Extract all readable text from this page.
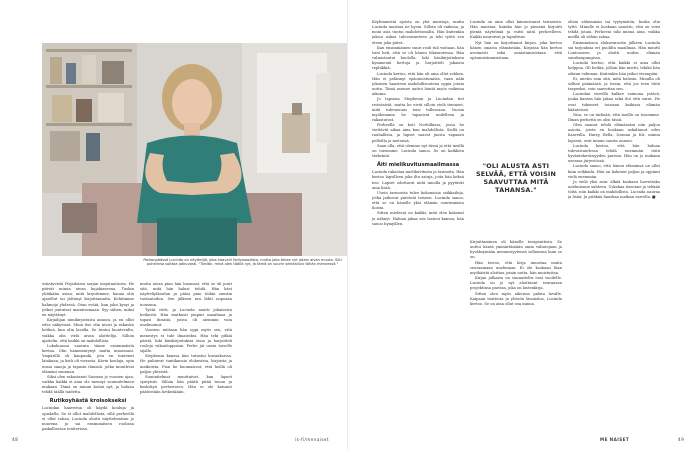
Parkanpäässä Lucinda on näyttelijä, joka haaveili Hollywoodista, mutta joka tekee nyt jotain aivan muuta. Silti puhelinsa soittaa jatkuvasti. "Tiedän, minä olen täällä nyt, ja tämä on suurin seikkailuni tähän mennessä."

esiintyvistä Pirjadoista sarjan inspiraatiosta. He pitivät minua aivan kujakiaseena. Tuskin yhtäkään asiaa, mitä kirjoitimme, kauaa olin ajatellut tai jättänyt kirjoittamatta. Kehitimme hahmoja yhdessä. Otan eväät, kun joku kysyi ja jotkut joutuivat mainitsemaan. Syy siihen, miksi en näyttänyt.

Kirjailijan nimikirjoitusta annoin, ja en ollut edes näkyvissä. Minä itse olin nuori ja rakastin hetkeä, kun olin lavalla. Se tuntui luontevalta, vaikka olin vielä aivan aloittelija. Silloin ajattelin, että kaikki on mahdollista.

Lokakuussa saavuin tänne ensimmäistä kertaa. Olin hämmentynyt mutta innoissani. Ympärillä oli kaupunki, jota en tuntenut lainkaan, ja kieli oli vierasta. Kävin kouluja, opin uusia sanoja ja tapasin ihmisiä, jotka muuttivat elämäni suunnan.

Siksi olen rakastanut Suomea jo vuosien ajan, vaikka kaikki ei aina ole mennyt suunnitelmien mukaan. Tämä on minun kotini nyt, ja haluan tehdä täällä taidetta.

Rutikoyhästä kroisokseksi

Lucindan haaveena oli käydä kouluja ja opiskella. Se ei ollut mahdollista, sillä perheellä ei ollut rahaa. Lucinda aloitti näyttelemisen jo nuorena ja sai ensimmäisen roolinsa paikallisessa teatterissa.

mutta aivan pian hän huomasi, että se oli juuri sitä, mitä hän halusi tehdä. Hän kävi näyttelijäkoulun ja pääsi pian töihin suuriin tuotantoihin. Sen jälkeen ura lähti nopeaan nousuun.

Työtä riitti, ja Lucinda nautti jokaisesta hetkestä. Hän matkusti ympäri maailmaa ja tapasi ihmisiä, joista oli aiemmin vain unelmoinut.

Vuosien mittaan hän oppi myös sen, että menestys ei tule ilmaiseksi. Hän teki pitkiä päiviä, luki käsikirjoituksia öisin ja harjoitteli rooleja viikonloppuisin. Perhe jäi usein toiselle sijalle.

Stephenin kanssa hän tutustui kuvauksissa. He puhuivat tuntikausia elokuvista, kirjoista ja matkoista. Pian he huomasivat, että heillä oli paljon yhteistä.

Suunnitelmat muuttuivat, kun lapset syntyivät. Silloin hän päätti pitää tauon ja keskittyä perheeseen. Hän ei ole katunut päätöstään hetkeäkään.

48	is-fi/menaiset

Köyhimmistä ajoista on yhä muistoja, mutta Lucinda muistaa ne hyvin. Silloin oli vaikeaa, ja moni asia tuntui mahdottomalta. Hän kuitenkin jaksoi uskoa tulevaisuuteen ja teki työtä sen eteen joka päivä.

Kun ensimmäinen suuri rooli tuli vastaan, hän tiesi heti, että se oli hänen tilaisuutensa. Hän valmistautui huolella, luki käsikirjoituksen kymmeniä kertoja ja harjoitteli jokaista repliikkiä.

Lucinda kertoo, että hän oli aina ollut rohkea. Hän ei pelännyt epäonnistumista, vaan näki jokaisen haasteen mahdollisuutena oppia jotain uutta. Tämä asenne auttoi häntä myös vaikeina aikoina.

Jo lapsena Stephenin ja Lucindan tiet risteäsivät, mutta he eivät silloin vielä tienneet, mitä tulevaisuus toisi tullessaan. Vuosia myöhemmin he tapasivat uudelleen ja rakastuivat.

Perheellä on koti Norfolkissa, jossa he viettävät aikaa aina kun mahdollista. Siellä on rauhallista, ja lapset saavat juosta vapaasti pelloilla ja metsissä.

Saan olla, että olemme nyt tässä ja että meillä on toisemme, Lucinda sanoo. Se on kaikkein tärkeintä.

Äiti mielikuvitusmaailmassa

Lucinda rakastaa mielikuvitusta ja tarinoita. Hän kertoo lapsilleen joka ilta satuja, joita hän keksii itse. Lapset odottavat niitä innolla ja pyytävät aina lisää.

Usein tarinoista tulee kokonaisia seikkailuja, jotka jatkuvat päivästä toiseen. Lucinda sanoo, että se on hänelle yksi elämän suurimmista iloista.

Sitten mielessä on kaikki, mitä olen kokenut ja nähnyt. Haluan jakaa sen lasteni kanssa, hän sanoo hymyillen.

Lucinda on aina ollut kiinnostunut tarinoista. Hän muistaa, kuinka hän jo pienenä kirjoitti pieniä näytelmiä ja esitti niitä perheelleen. Kaikki nauroivat ja taputtivat.

Nyt hän on kirjoittanut kirjan, joka kertoo hänen omasta elämästään. Kirjassa hän kertoo avoimesti sekä onnistumisistaan että epäonnistumisistaan.

"OLI ALUSTA ASTI SELVÄÄ, ETTÄ VOISIN SAAVUTTAA MITÄ TAHANSA."

Kirjoittaminen oli hänelle terapeuttista. Se auttoi häntä ymmärtämään omia valintojaan ja hyväksymään menneisyytensä sellaisena kuin se on.

Hän toivoo, että kirja innostaa muita seuraamaan unelmiaan. Ei ole koskaan liian myöhäistä aloittaa jotain uutta, hän muistuttaa.

Kirjan julkaisu on suunniteltu ensi vuodelle. Lucinda on jo nyt aloittanut seuraavan projektinsa parissa, joka on lastenkirja.

Sitten olen myös aikeissa palata lavalle. Kaipaan teatteria ja yleisön läsnäoloa, Lucinda kertoo. Se on aina ollut osa minua.

olisin vähemmän tai tyytymätön, koska olin tyttö. Minulle ei koskaan sanottu, että en voisi tehdä jotain. Perheeni tuki minua aina, vaikka meillä oli vähän rahaa.

Ensimmäisen elokuvaroolin jälkeen Lucinda sai tarjouksia eri puolilta maailmaa. Hän muutti Lontooseen ja aloitti uuden elämän suurkaupungissa.

Lucinda kertoo, että kaikki ei aina ollut helppoa. Oli hetkiä, jolloin hän mietti, tekikö hän oikean valinnan. Kuitenkin hän jatkoi eteenpäin.

Ei, mietin vain sitä, mitä halusin. Minulla oli selkeä päämäärä, ja tiesin, että jos teen töitä tarpeeksi, voin saavuttaa sen.

Lucindan vierellä kulkee vaimona ystävä, jonka kanssa hän jakaa sekä ilot että surut. He ovat tukeneet toisiaan kaikissa elämän käänteissä.

Niin, se on tärkeää, että meillä on toisemme. Ilman perhettä en olisi tässä.

Olen saanut tehdä elämässäni niin paljon asioita, joista en koskaan uskaltanut edes haaveilla. Harry, Bella, Iceman ja Kit, minun lapseni, ovat minun suurin onneni.

Lucinda kertoo, että hän haluaa tulevaisuudessa tehdä enemmän töitä hyväntekeväisyyden parissa. Hän on jo mukana useassa järjestössä.

Lucinda sanoo, että hänen elämänsä on ollut kuin seikkailu. Hän on kokenut paljon ja oppinut vielä enemmän.

Ja vielä yksi asia: älkää koskaan luovuttako unelmienne suhteen. Uskokaa itseenne ja tehkää töitä, niin kaikki on mahdollista. Lucinda nauraa ja lisää: Ja pitäkää hauskaa matkan varrella. ■

ME NAISET	49
